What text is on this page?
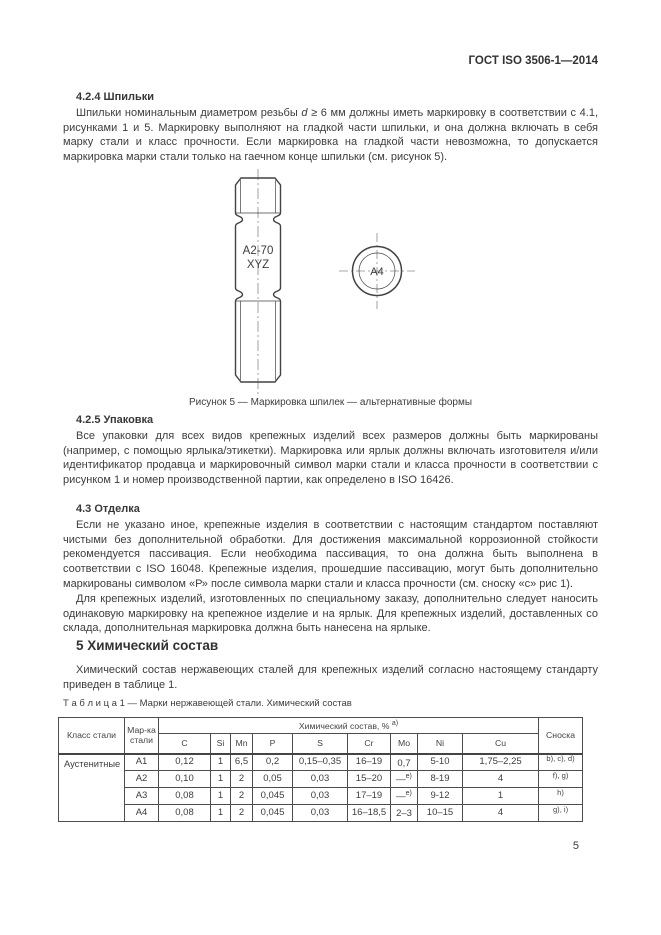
ГОСТ ISO 3506-1—2014
4.2.4 Шпильки
Шпильки номинальным диаметром резьбы d ≥ 6 мм должны иметь маркировку в соответствии с 4.1, рисунками 1 и 5. Маркировку выполняют на гладкой части шпильки, и она должна включать в себя марку стали и класс прочности. Если маркировка на гладкой части невозможна, то допускается маркировка марки стали только на гаечном конце шпильки (см. рисунок 5).
A2-70
XYZ
A4
Рисунок 5 — Маркировка шпилек — альтернативные формы
4.2.5 Упаковка
Все упаковки для всех видов крепежных изделий всех размеров должны быть маркированы (например, с помощью ярлыка/этикетки). Маркировка или ярлык должны включать изготовителя и/или идентификатор продавца и маркировочный символ марки стали и класса прочности в соответствии с рисунком 1 и номер производственной партии, как определено в ISO 16426.
4.3 Отделка
Если не указано иное, крепежные изделия в соответствии с настоящим стандартом поставляют чистыми без дополнительной обработки. Для достижения максимальной коррозионной стойкости рекомендуется пассивация. Если необходима пассивация, то она должна быть выполнена в соответствии с ISO 16048. Крепежные изделия, прошедшие пассивацию, могут быть дополнительно маркированы символом «Р» после символа марки стали и класса прочности (см. сноску «с» рис 1).
Для крепежных изделий, изготовленных по специальному заказу, дополнительно следует наносить одинаковую маркировку на крепежное изделие и на ярлык. Для крепежных изделий, доставленных со склада, дополнительная маркировка должна быть нанесена на ярлыке.
5 Химический состав
Химический состав нержавеющих сталей для крепежных изделий согласно настоящему стандарту приведен в таблице 1.
Т а б л и ц а 1 — Марки нержавеющей стали. Химический состав
Класс стали	Мар-ка стали	Химический состав, % $^{a)}$									Сноска
		C	Si	Mn	P	S	Cr	Mo	Ni	Cu	
Аустенитные	A1	0,12	1	6,5	0,2	0,15–0,35	16–19	0,7	5-10	1,75–2,25	$^{b), c), d)}$
	A2	0,10	1	2	0,05	0,03	15–20	—$^{e)}$	8-19	4	$^{f), g)}$
	A3	0,08	1	2	0,045	0,03	17–19	—$^{e)}$	9-12	1	$^{h)}$
	A4	0,08	1	2	0,045	0,03	16–18,5	2–3	10–15	4	$^{g), i)}$
5
